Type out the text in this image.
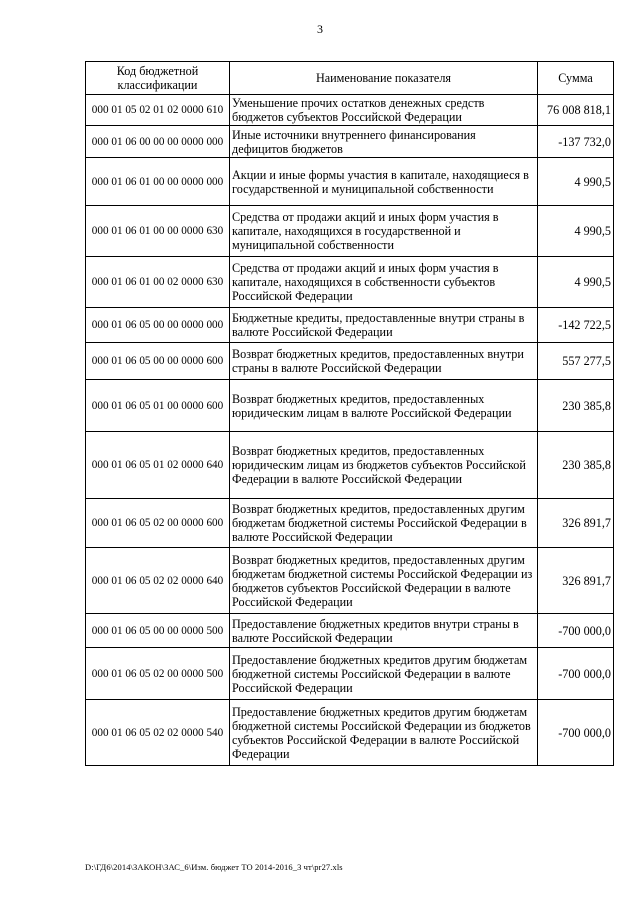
3
Код бюджетной классификации	Наименование показателя	Сумма
000 01 05 02 01 02 0000 610	Уменьшение прочих остатков денежных средств бюджетов субъектов Российской Федерации	76 008 818,1
000 01 06 00 00 00 0000 000	Иные источники внутреннего финансирования дефицитов бюджетов	-137 732,0
000 01 06 01 00 00 0000 000	Акции и иные формы участия в капитале, находящиеся в государственной и муниципальной собственности	4 990,5
000 01 06 01 00 00 0000 630	Средства от продажи акций и иных форм участия в капитале, находящихся в государственной и муниципальной собственности	4 990,5
000 01 06 01 00 02 0000 630	Средства от продажи акций и иных форм участия в капитале, находящихся в собственности субъектов Российской Федерации	4 990,5
000 01 06 05 00 00 0000 000	Бюджетные кредиты, предоставленные внутри страны в валюте Российской Федерации	-142 722,5
000 01 06 05 00 00 0000 600	Возврат бюджетных кредитов, предоставленных внутри страны в валюте Российской Федерации	557 277,5
000 01 06 05 01 00 0000 600	Возврат бюджетных кредитов, предоставленных юридическим лицам в валюте Российской Федерации	230 385,8
000 01 06 05 01 02 0000 640	Возврат бюджетных кредитов, предоставленных юридическим лицам из бюджетов субъектов Российской Федерации в валюте Российской Федерации	230 385,8
000 01 06 05 02 00 0000 600	Возврат бюджетных кредитов, предоставленных другим бюджетам бюджетной системы Российской Федерации в валюте Российской Федерации	326 891,7
000 01 06 05 02 02 0000 640	Возврат бюджетных кредитов, предоставленных другим бюджетам бюджетной системы Российской Федерации из бюджетов субъектов Российской Федерации в валюте Российской Федерации	326 891,7
000 01 06 05 00 00 0000 500	Предоставление бюджетных кредитов внутри страны в валюте Российской Федерации	-700 000,0
000 01 06 05 02 00 0000 500	Предоставление бюджетных кредитов другим бюджетам бюджетной системы Российской Федерации в валюте Российской Федерации	-700 000,0
000 01 06 05 02 02 0000 540	Предоставление бюджетных кредитов другим бюджетам бюджетной системы Российской Федерации из бюджетов субъектов Российской Федерации в валюте Российской Федерации	-700 000,0
D:\ГД6\2014\ЗАКОН\ЗАС_6\Изм. бюджет ТО 2014-2016_3 чт\pr27.xls
